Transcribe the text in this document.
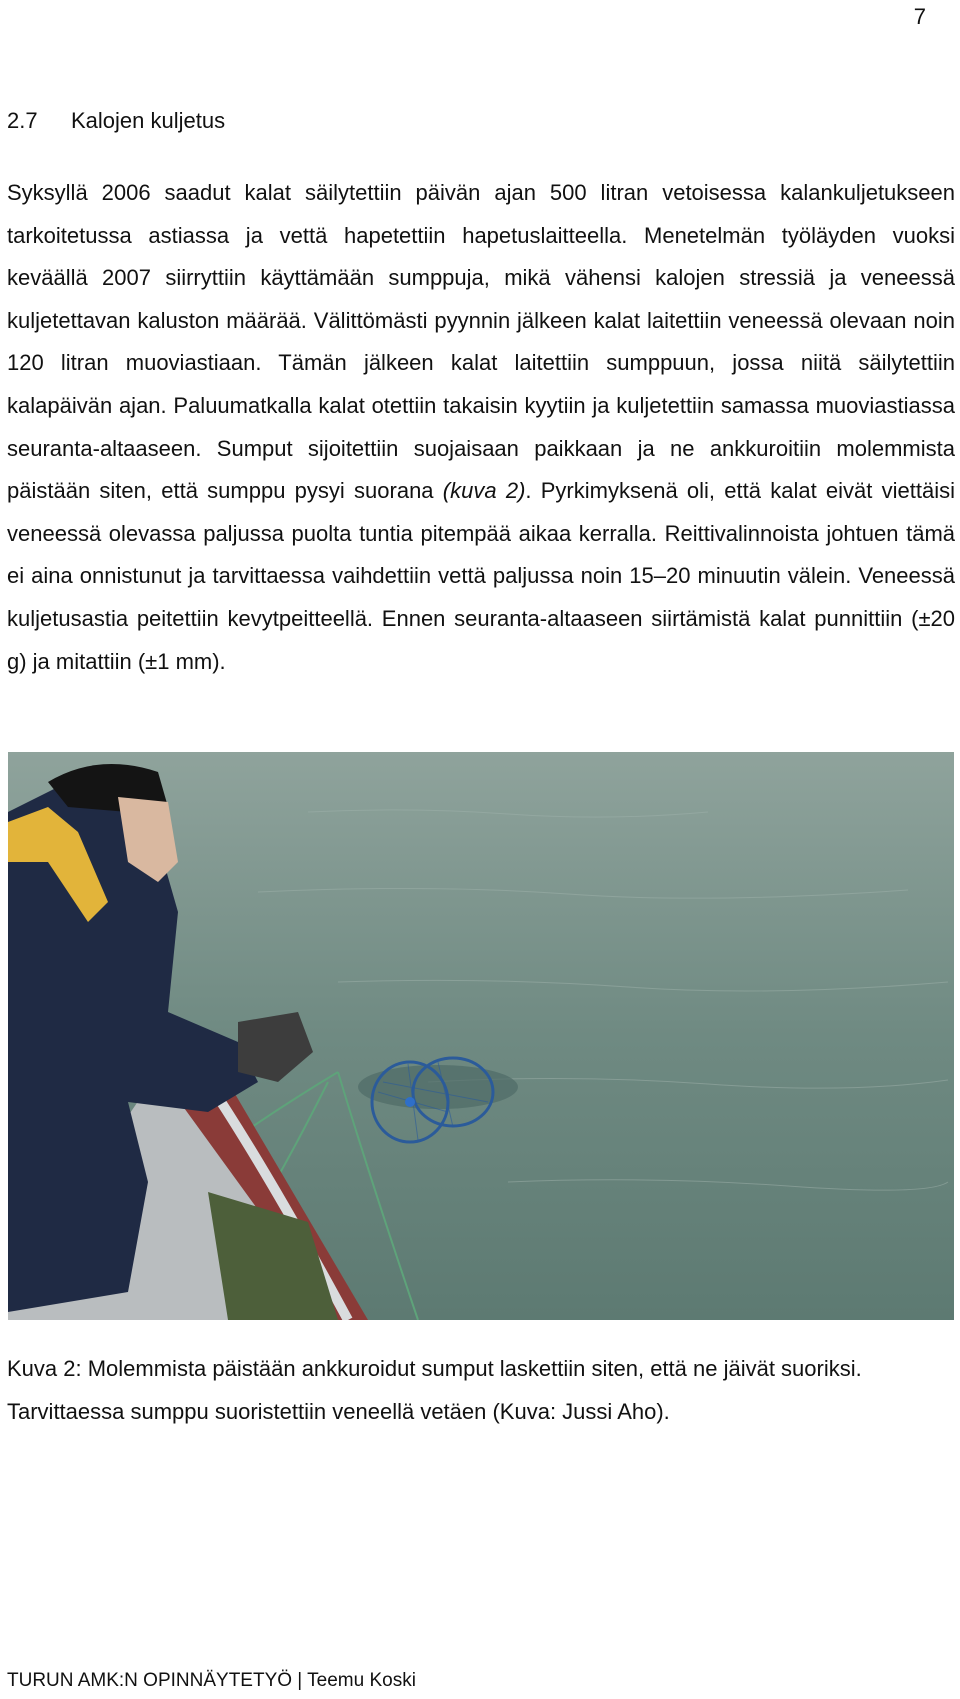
7
2.7 Kalojen kuljetus

Syksyllä 2006 saadut kalat säilytettiin päivän ajan 500 litran vetoisessa kalankuljetukseen tarkoitetussa astiassa ja vettä hapetettiin hapetuslaitteella. Menetelmän työläyden vuoksi keväällä 2007 siirryttiin käyttämään sumppuja, mikä vähensi kalojen stressiä ja veneessä kuljetettavan kaluston määrää. Välittömästi pyynnin jälkeen kalat laitettiin veneessä olevaan noin 120 litran muoviastiaan. Tämän jälkeen kalat laitettiin sumppuun, jossa niitä säilytettiin kalapäivän ajan. Paluumatkalla kalat otettiin takaisin kyytiin ja kuljetettiin samassa muoviastiassa seuranta-altaaseen. Sumput sijoitettiin suojaisaan paikkaan ja ne ankkuroitiin molemmista päistään siten, että sumppu pysyi suorana (kuva 2). Pyrkimyksenä oli, että kalat eivät viettäisi veneessä olevassa paljussa puolta tuntia pitempää aikaa kerralla. Reittivalinnoista johtuen tämä ei aina onnistunut ja tarvittaessa vaihdettiin vettä paljussa noin 15–20 minuutin välein. Veneessä kuljetusastia peitettiin kevytpeitteellä. Ennen seuranta-altaaseen siirtämistä kalat punnittiin (±20 g) ja mitattiin (±1 mm).

Kuva 2: Molemmista päistään ankkuroidut sumput laskettiin siten, että ne jäivät suoriksi. Tarvittaessa sumppu suoristettiin veneellä vetäen (Kuva: Jussi Aho).

TURUN AMK:N OPINNÄYTETYÖ | Teemu Koski
